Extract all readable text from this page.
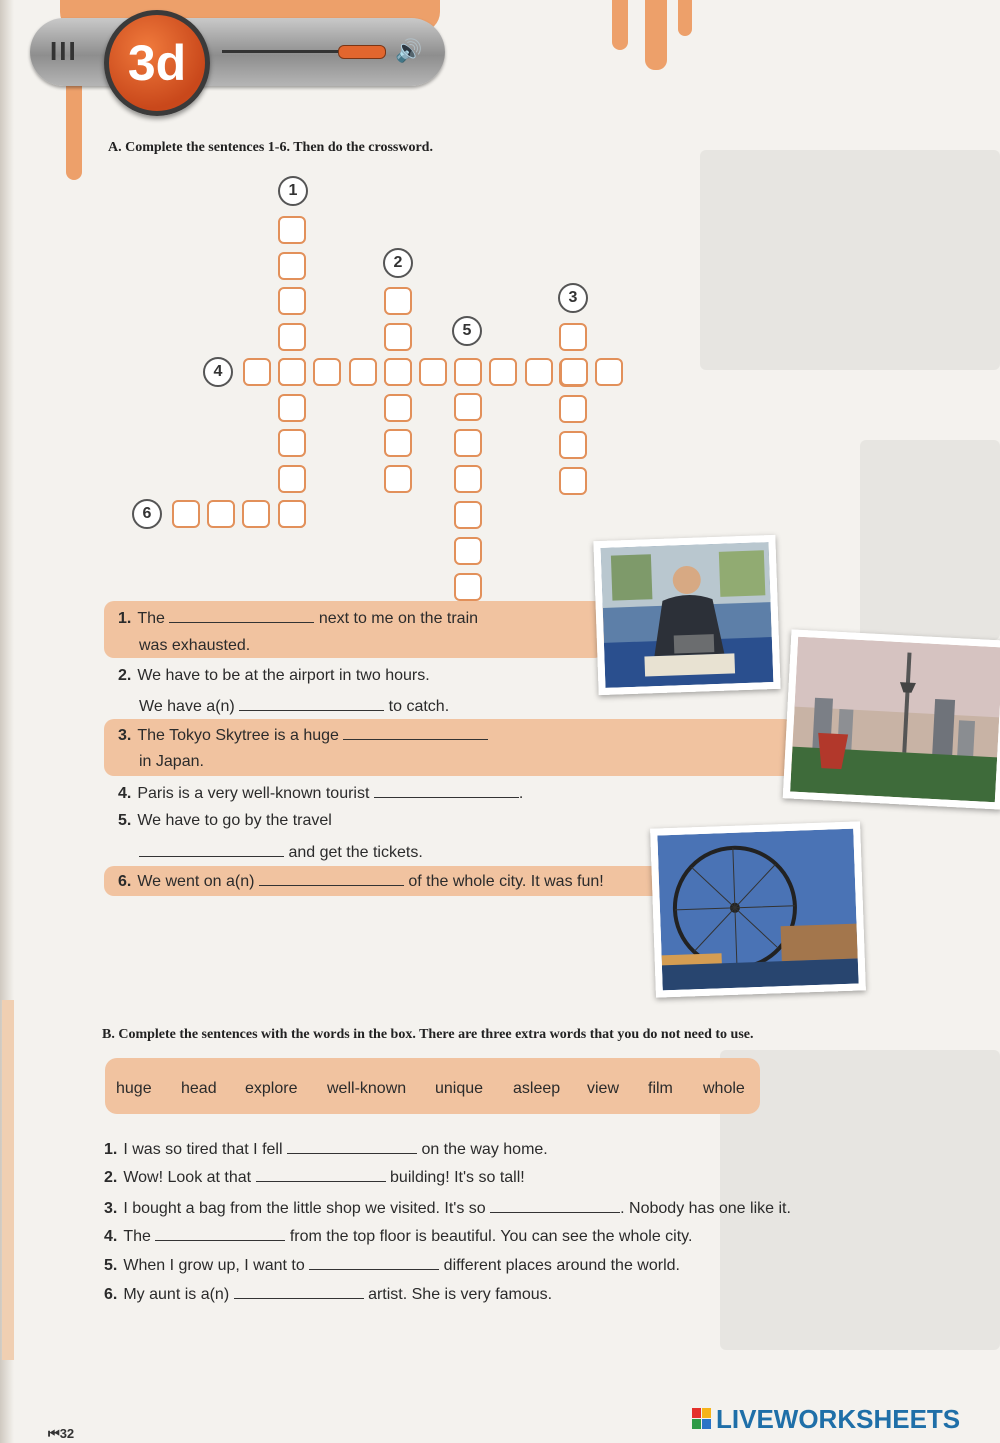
III 3d	🔊
A. Complete the sentences 1-6. Then do the crossword.
1
2
3
5
4
6
1. The	next to me on the train
was exhausted.
2. We have to be at the airport in two hours.
We have a(n)	to catch.
3. The Tokyo Skytree is a huge
in Japan.
4. Paris is a very well-known tourist	.
5. We have to go by the travel
and get the tickets.
6. We went on a(n)	of the whole city. It was fun!
B. Complete the sentences with the words in the box. There are three extra words that you do not need to use.
huge head explore well-known unique asleep view film whole
1. I was so tired that I fell	on the way home.
2. Wow! Look at that	building! It's so tall!
3. I bought a bag from the little shop we visited. It's so	. Nobody has one like it.
4. The	from the top floor is beautiful. You can see the whole city.
5. When I grow up, I want to	different places around the world.
6. My aunt is a(n)	artist. She is very famous.
⏮32	LIVEWORKSHEETS
